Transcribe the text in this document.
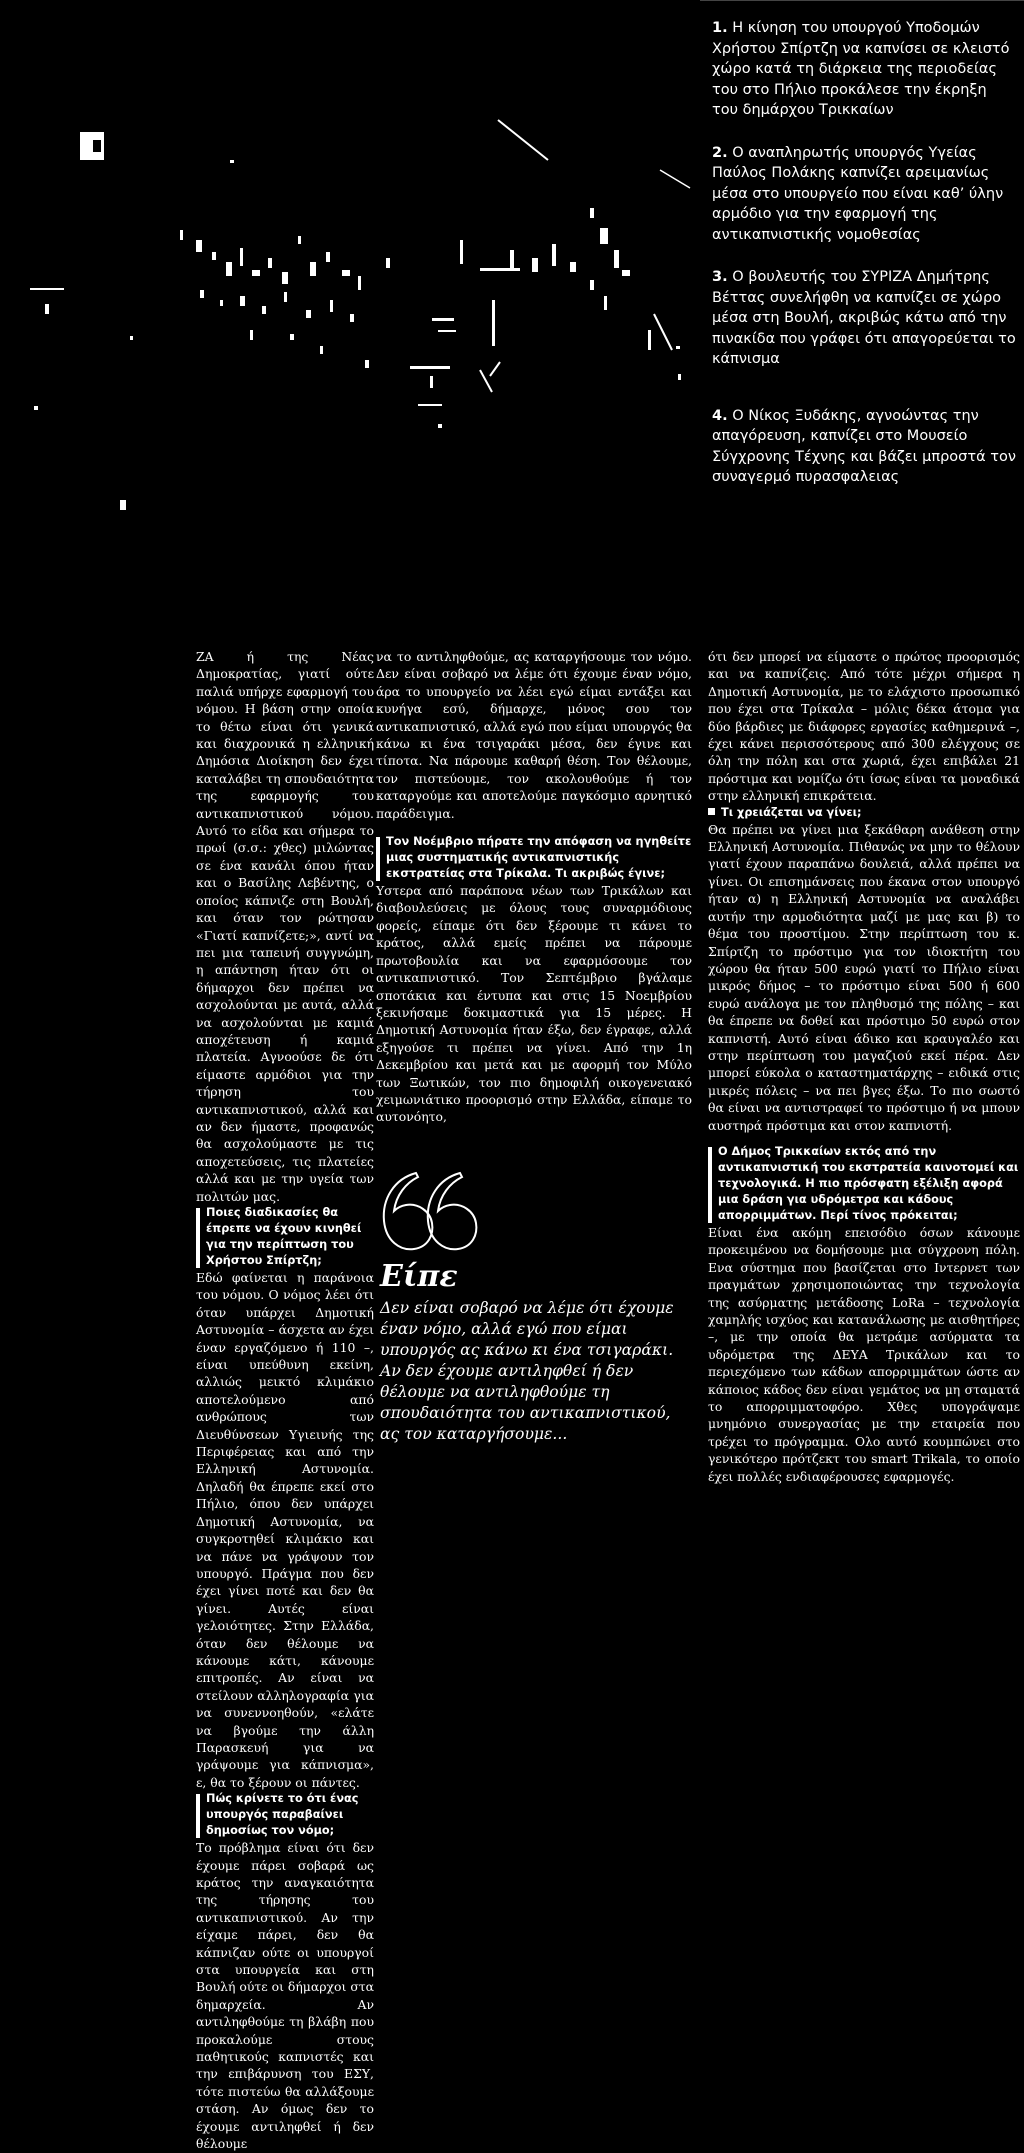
1. Η κίνηση του υπουργού Υποδομών Χρήστου Σπίρτζη να καπνίσει σε κλειστό χώρο κατά τη διάρκεια της περιοδείας του στο Πήλιο προκάλεσε την έκρηξη του δημάρχου Τρικκαίων

2. Ο αναπληρωτής υπουργός Υγείας Παύλος Πολάκης καπνίζει αρειμανίως μέσα στο υπουργείο που είναι καθ’ ύλην αρμόδιο για την εφαρμογή της αντικαπνιστικής νομοθεσίας

3. Ο βουλευτής του ΣΥΡΙΖΑ Δημήτρης Βέττας συνελήφθη να καπνίζει σε χώρο μέσα στη Βουλή, ακριβώς κάτω από την πινακίδα που γράφει ότι απαγορεύεται το κάπνισμα

4. Ο Νίκος Ξυδάκης, αγνοώντας την απαγόρευση, καπνίζει στο Μουσείο Σύγχρονης Τέχνης και βάζει μπροστά τον συναγερμό πυρασφαλειας

ΖΑ ή της Νέας Δημοκρατίας, γιατί ούτε παλιά υπήρχε εφαρμογή του νόμου. Η βάση στην οποία το θέτω είναι ότι γενικά και διαχρονικά η ελληνική Δημόσια Διοίκηση δεν έχει καταλάβει τη σπουδαιότητα της εφαρμογής του αντικαπνιστικού νόμου. Αυτό το είδα και σήμερα το πρωί (σ.σ.: χθες) μιλώντας σε ένα κανάλι όπου ήταν και ο Βασίλης Λεβέντης, ο οποίος κάπνιζε στη Βουλή, και όταν τον ρώτησαν «Γιατί καπνίζετε;», αντί να πει μια ταπεινή συγγνώμη, η απάντηση ήταν ότι οι δήμαρχοι δεν πρέπει να ασχολούνται με αυτά, αλλά να ασχολούνται με καμιά αποχέτευση ή καμιά πλατεία. Αγνοούσε δε ότι είμαστε αρμόδιοι για την τήρηση του αντικαπνιστικού, αλλά και αν δεν ήμαστε, προφανώς θα ασχολούμαστε με τις αποχετεύσεις, τις πλατείες αλλά και με την υγεία των πολιτών μας.

Ποιες διαδικασίες θα έπρεπε να έχουν κινηθεί για την περίπτωση του Χρήστου Σπίρτζη;

Εδώ φαίνεται η παράνοια του νόμου. Ο νόμος λέει ότι όταν υπάρχει Δημοτική Αστυνομία – άσχετα αν έχει έναν εργαζόμενο ή 110 –, είναι υπεύθυνη εκείνη, αλλιώς μεικτό κλιμάκιο αποτελούμενο από ανθρώπους των Διευθύνσεων Υγιεινής της Περιφέρειας και από την Ελληνική Αστυνομία. Δηλαδή θα έπρεπε εκεί στο Πήλιο, όπου δεν υπάρχει Δημοτική Αστυνομία, να συγκροτηθεί κλιμάκιο και να πάνε να γράψουν τον υπουργό. Πράγμα που δεν έχει γίνει ποτέ και δεν θα γίνει. Αυτές είναι γελοιότητες. Στην Ελλάδα, όταν δεν θέλουμε να κάνουμε κάτι, κάνουμε επιτροπές. Αν είναι να στείλουν αλληλογραφία για να συνεννοηθούν, «ελάτε να βγούμε την άλλη Παρασκευή για να γράψουμε για κάπνισμα», ε, θα το ξέρουν οι πάντες.

Πώς κρίνετε το ότι ένας υπουργός παραβαίνει δημοσίως τον νόμο;

Το πρόβλημα είναι ότι δεν έχουμε πάρει σοβαρά ως κράτος την αναγκαιότητα της τήρησης του αντικαπνιστικού. Αν την είχαμε πάρει, δεν θα κάπνιζαν ούτε οι υπουργοί στα υπουργεία και στη Βουλή ούτε οι δήμαρχοι στα δημαρχεία. Αν αντιληφθούμε τη βλάβη που προκαλούμε στους παθητικούς καπνιστές και την επιβάρυνση του ΕΣΥ, τότε πιστεύω θα αλλάξουμε στάση. Αν όμως δεν το έχουμε αντιληφθεί ή δεν θέλουμε

να το αντιληφθούμε, ας καταργήσουμε τον νόμο. Δεν είναι σοβαρό να λέμε ότι έχουμε έναν νόμο, άρα το υπουργείο να λέει εγώ είμαι εντάξει και κυνήγα εσύ, δήμαρχε, μόνος σου τον αντικαπνιστικό, αλλά εγώ που είμαι υπουργός θα κάνω κι ένα τσιγαράκι μέσα, δεν έγινε και τίποτα. Να πάρουμε καθαρή θέση. Τον θέλουμε, τον πιστεύουμε, τον ακολουθούμε ή τον καταργούμε και αποτελούμε παγκόσμιο αρνητικό παράδειγμα.

Τον Νοέμβριο πήρατε την απόφαση να ηγηθείτε μιας συστηματικής αντικαπνιστικής εκστρατείας στα Τρίκαλα. Τι ακριβώς έγινε;

Υστερα από παράπονα νέων των Τρικάλων και διαβουλεύσεις με όλους τους συναρμόδιους φορείς, είπαμε ότι δεν ξέρουμε τι κάνει το κράτος, αλλά εμείς πρέπει να πάρουμε πρωτοβουλία και να εφαρμόσουμε τον αντικαπνιστικό. Τον Σεπτέμβριο βγάλαμε σποτάκια και έντυπα και στις 15 Νοεμβρίου ξεκινήσαμε δοκιμαστικά για 15 μέρες. Η Δημοτική Αστυνομία ήταν έξω, δεν έγραφε, αλλά εξηγούσε τι πρέπει να γίνει. Από την 1η Δεκεμβρίου και μετά και με αφορμή τον Μύλο των Ξωτικών, τον πιο δημοφιλή οικογενειακό χειμωνιάτικο προορισμό στην Ελλάδα, είπαμε το αυτονόητο,

Είπε
Δεν είναι σοβαρό να λέμε ότι έχουμε έναν νόμο, αλλά εγώ που είμαι υπουργός ας κάνω κι ένα τσιγαράκι. Αν δεν έχουμε αντιληφθεί ή δεν θέλουμε να αντιληφθούμε τη σπουδαιότητα του αντικαπνιστικού, ας τον καταργήσουμε...

ότι δεν μπορεί να είμαστε ο πρώτος προορισμός και να καπνίζεις. Από τότε μέχρι σήμερα η Δημοτική Αστυνομία, με το ελάχιστο προσωπικό που έχει στα Τρίκαλα – μόλις δέκα άτομα για δύο βάρδιες με διάφορες εργασίες καθημερινά –, έχει κάνει περισσότερους από 300 ελέγχους σε όλη την πόλη και στα χωριά, έχει επιβάλει 21 πρόστιμα και νομίζω ότι ίσως είναι τα μοναδικά στην ελληνική επικράτεια.

Τι χρειάζεται να γίνει;

Θα πρέπει να γίνει μια ξεκάθαρη ανάθεση στην Ελληνική Αστυνομία. Πιθανώς να μην το θέλουν γιατί έχουν παραπάνω δουλειά, αλλά πρέπει να γίνει. Οι επισημάνσεις που έκανα στον υπουργό ήταν α) η Ελληνική Αστυνομία να αναλάβει αυτήν την αρμοδιότητα μαζί με μας και β) το θέμα του προστίμου. Στην περίπτωση του κ. Σπίρτζη το πρόστιμο για τον ιδιοκτήτη του χώρου θα ήταν 500 ευρώ γιατί το Πήλιο είναι μικρός δήμος – το πρόστιμο είναι 500 ή 600 ευρώ ανάλογα με τον πληθυσμό της πόλης – και θα έπρεπε να δοθεί και πρόστιμο 50 ευρώ στον καπνιστή. Αυτό είναι άδικο και κραυγαλέο και στην περίπτωση του μαγαζιού εκεί πέρα. Δεν μπορεί εύκολα ο καταστηματάρχης – ειδικά στις μικρές πόλεις – να πει βγες έξω. Το πιο σωστό θα είναι να αντιστραφεί το πρόστιμο ή να μπουν αυστηρά πρόστιμα και στον καπνιστή.

Ο Δήμος Τρικκαίων εκτός από την αντικαπνιστική του εκστρατεία καινοτομεί και τεχνολογικά. Η πιο πρόσφατη εξέλιξη αφορά μια δράση για υδρόμετρα και κάδους απορριμμάτων. Περί τίνος πρόκειται;

Είναι ένα ακόμη επεισόδιο όσων κάνουμε προκειμένου να δομήσουμε μια σύγχρονη πόλη. Ενα σύστημα που βασίζεται στο Ιντερνετ των πραγμάτων χρησιμοποιώντας την τεχνολογία της ασύρματης μετάδοσης LoRa – τεχνολογία χαμηλής ισχύος και κατανάλωσης με αισθητήρες –, με την οποία θα μετράμε ασύρματα τα υδρόμετρα της ΔΕΥΑ Τρικάλων και το περιεχόμενο των κάδων απορριμμάτων ώστε αν κάποιος κάδος δεν είναι γεμάτος να μη σταματά το απορριμματοφόρο. Χθες υπογράψαμε μνημόνιο συνεργασίας με την εταιρεία που τρέχει το πρόγραμμα. Ολο αυτό κουμπώνει στο γενικότερο πρότζεκτ του smart Trikala, το οποίο έχει πολλές ενδιαφέρουσες εφαρμογές.
